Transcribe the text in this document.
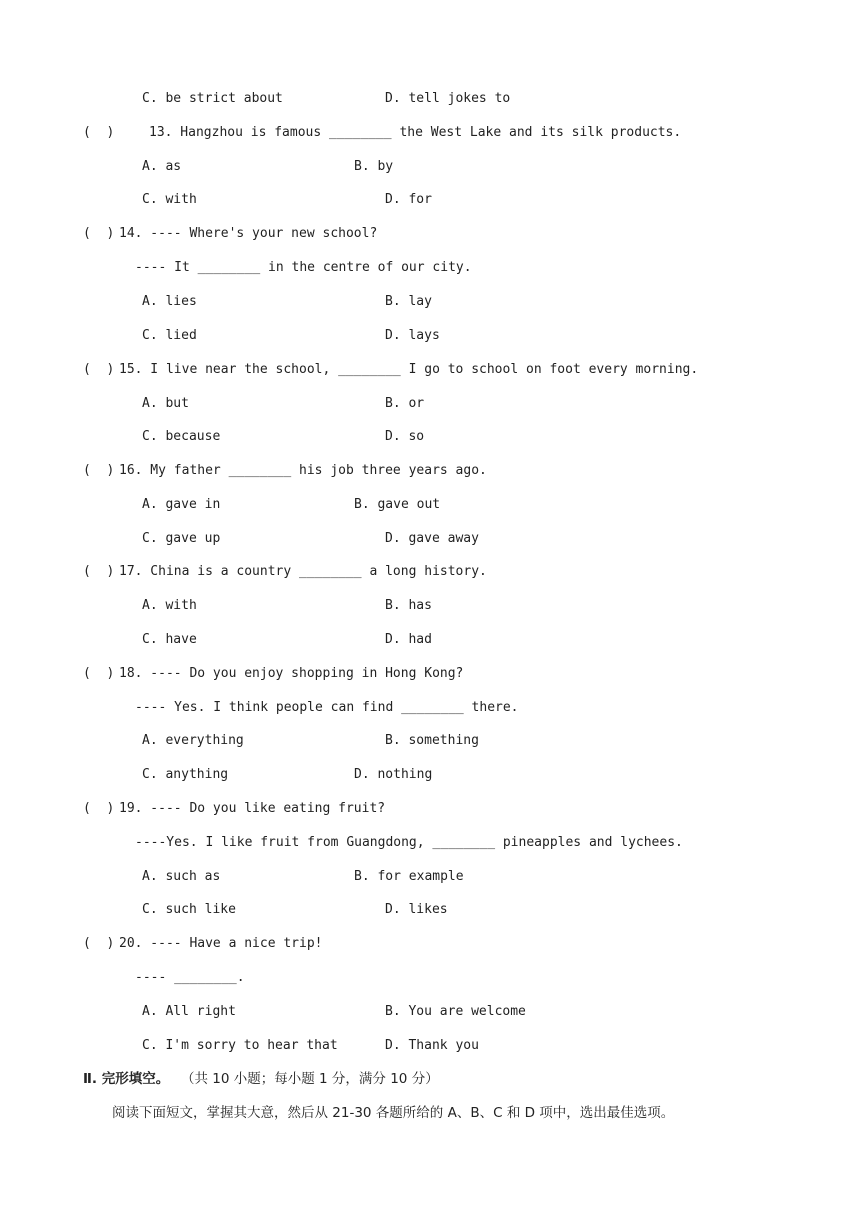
C. be strict about	D. tell jokes to
(  )	13. Hangzhou is famous ________ the West Lake and its silk products.
A. as	B. by
C. with	D. for
(  ) 14. ---- Where's your new school?
---- It ________ in the centre of our city.
A. lies	B. lay
C. lied	D. lays
(  ) 15. I live near the school, ________ I go to school on foot every morning.
A. but	B. or
C. because	D. so
(  ) 16. My father ________ his job three years ago.
A. gave in	B. gave out
C. gave up	D. gave away
(  ) 17. China is a country ________ a long history.
A. with	B. has
C. have	D. had
(  ) 18. ---- Do you enjoy shopping in Hong Kong?
---- Yes. I think people can find ________ there.
A. everything	B. something
C. anything	D. nothing
(  ) 19. ---- Do you like eating fruit?
----Yes. I like fruit from Guangdong, ________ pineapples and lychees.
A. such as	B. for example
C. such like	D. likes
(  ) 20. ---- Have a nice trip!
---- ________.
A. All right	B. You are welcome
C. I'm sorry to hear that	D. Thank you
Ⅱ. 完形填空。 （共 10 小题；每小题 1 分，满分 10 分）
阅读下面短文，掌握其大意，然后从 21-30 各题所给的 A、B、C 和 D 项中，选出最佳选项。
